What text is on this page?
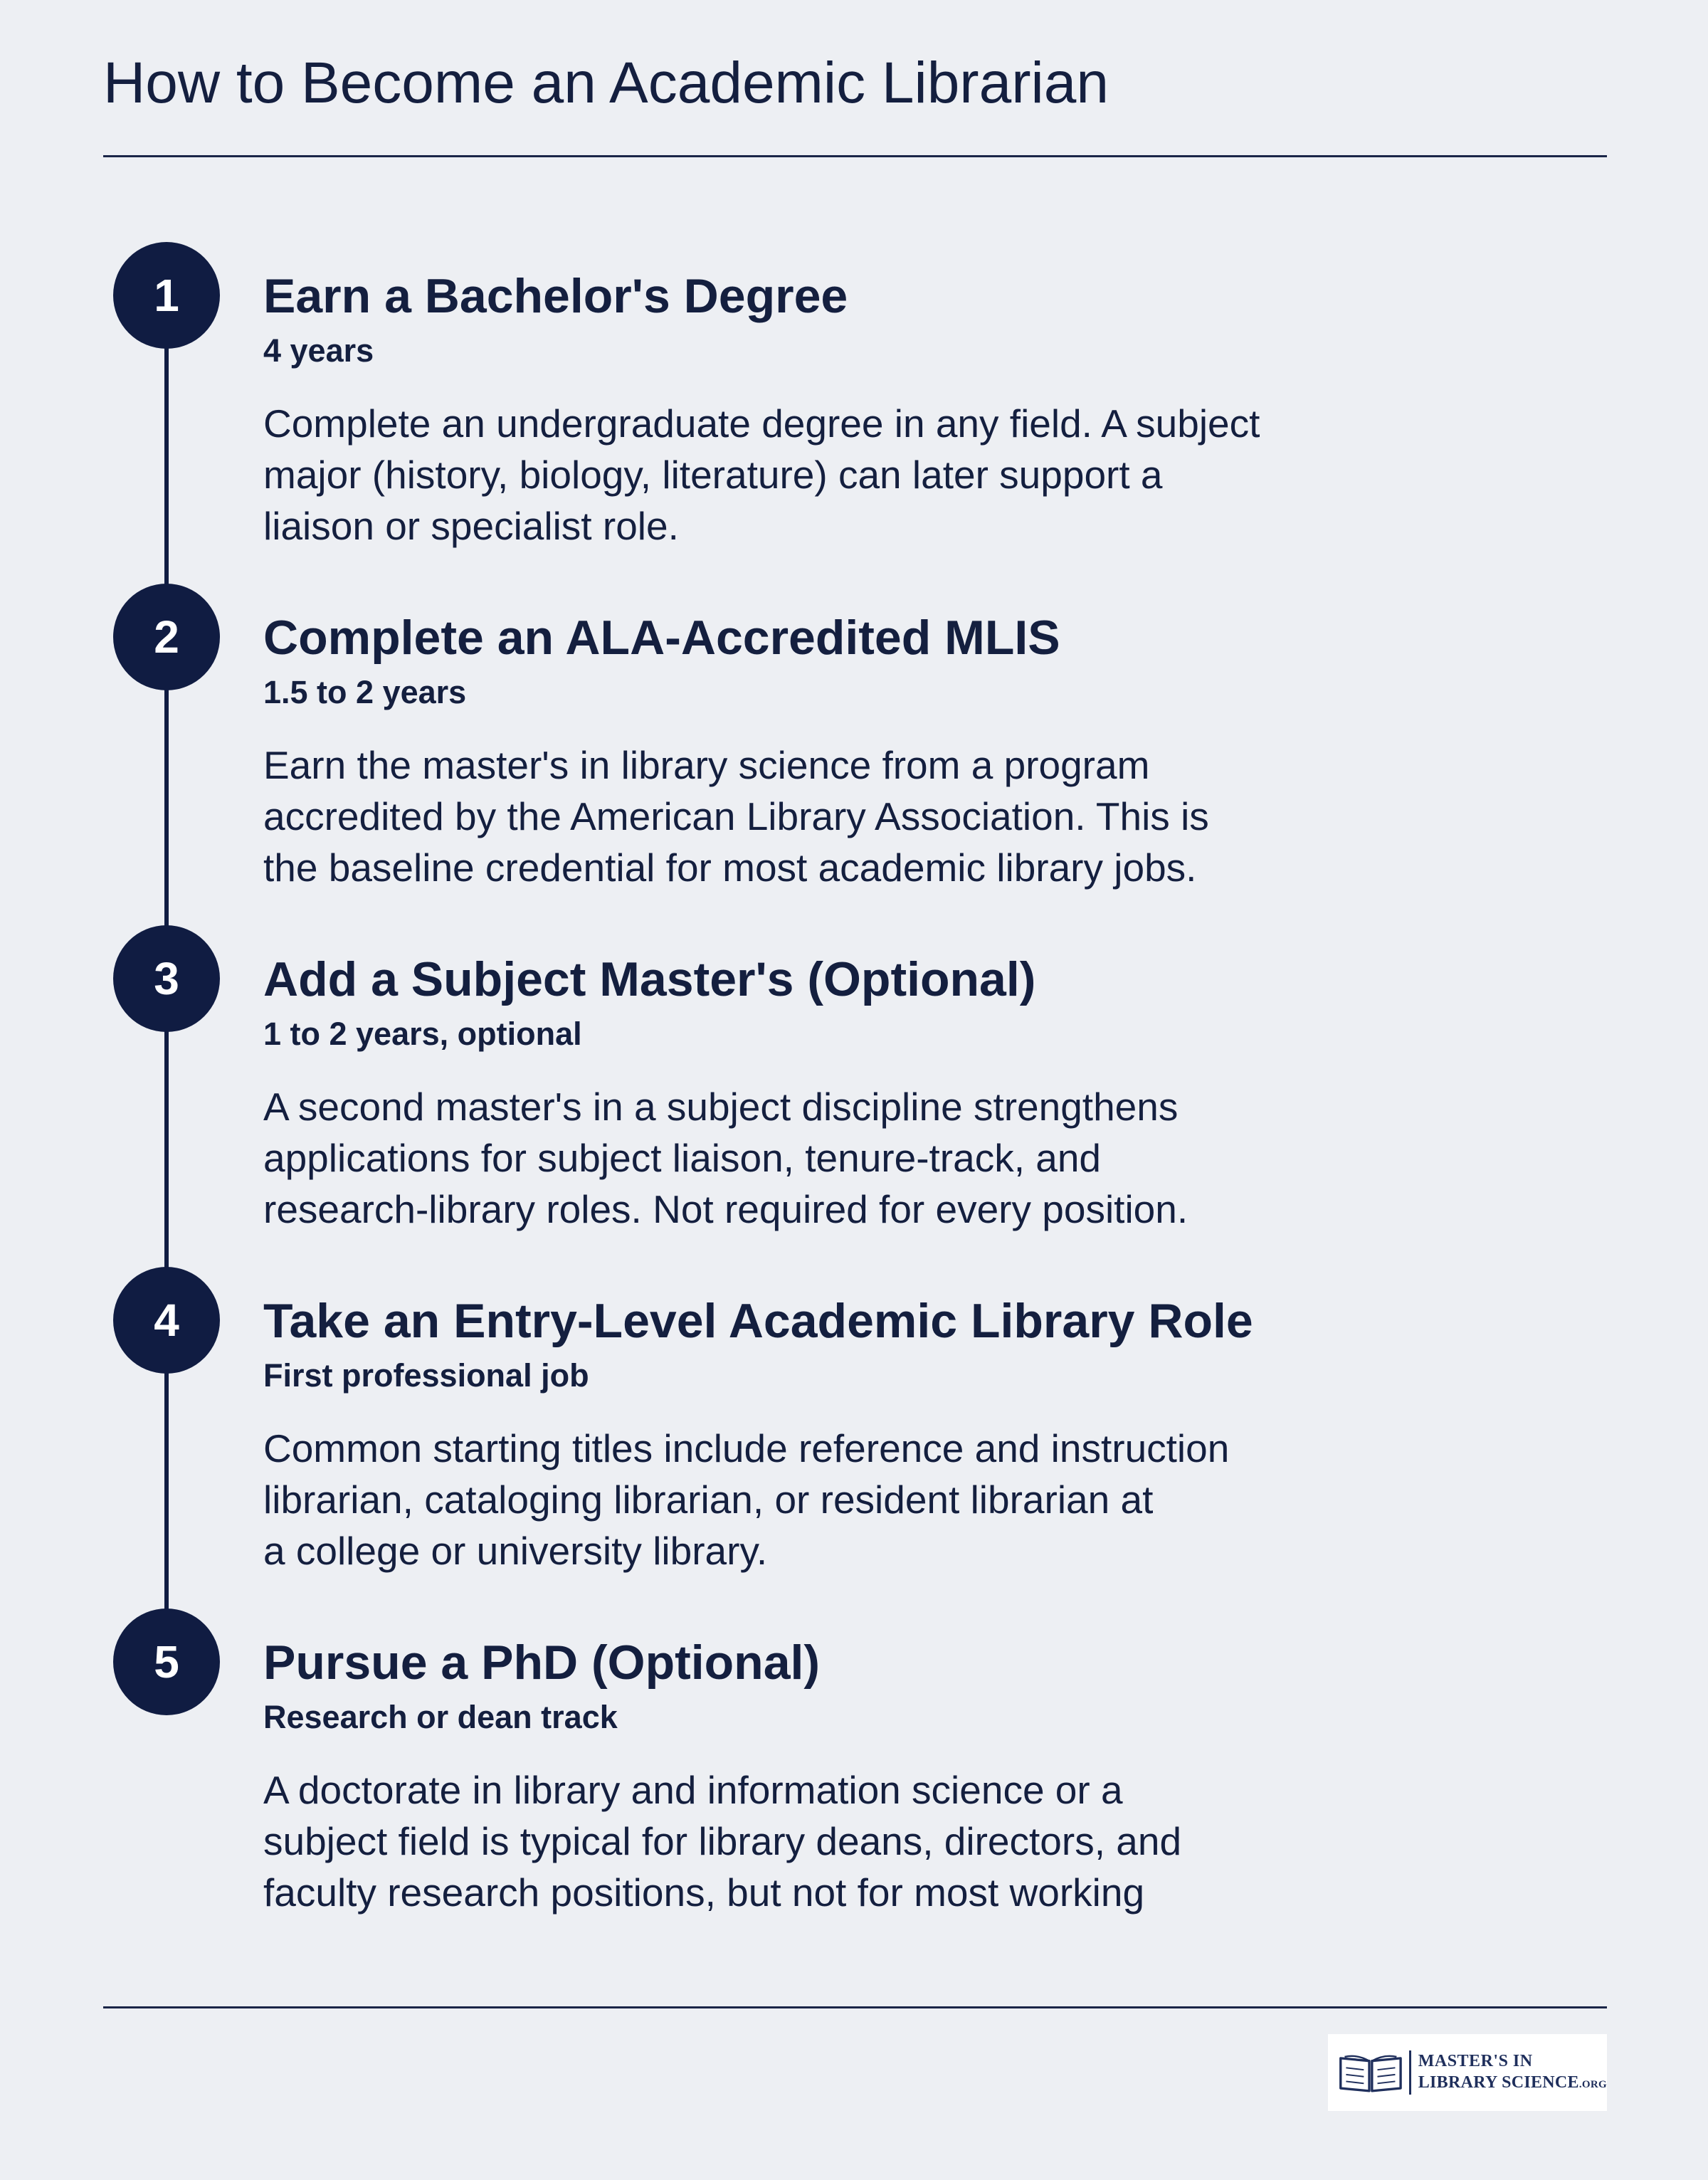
How to Become an Academic Librarian
1	Earn a Bachelor's Degree

4 years

Complete an undergraduate degree in any field. A subject
major (history, biology, literature) can later support a
liaison or specialist role.

2	Complete an ALA-Accredited MLIS

1.5 to 2 years

Earn the master's in library science from a program
accredited by the American Library Association. This is
the baseline credential for most academic library jobs.

3	Add a Subject Master's (Optional)

1 to 2 years, optional

A second master's in a subject discipline strengthens
applications for subject liaison, tenure-track, and
research-library roles. Not required for every position.

4	Take an Entry-Level Academic Library Role

First professional job

Common starting titles include reference and instruction
librarian, cataloging librarian, or resident librarian at
a college or university library.

5	Pursue a PhD (Optional)

Research or dean track

A doctorate in library and information science or a
subject field is typical for library deans, directors, and
faculty research positions, but not for most working

MASTER'S IN
LIBRARY SCIENCE.ORG
